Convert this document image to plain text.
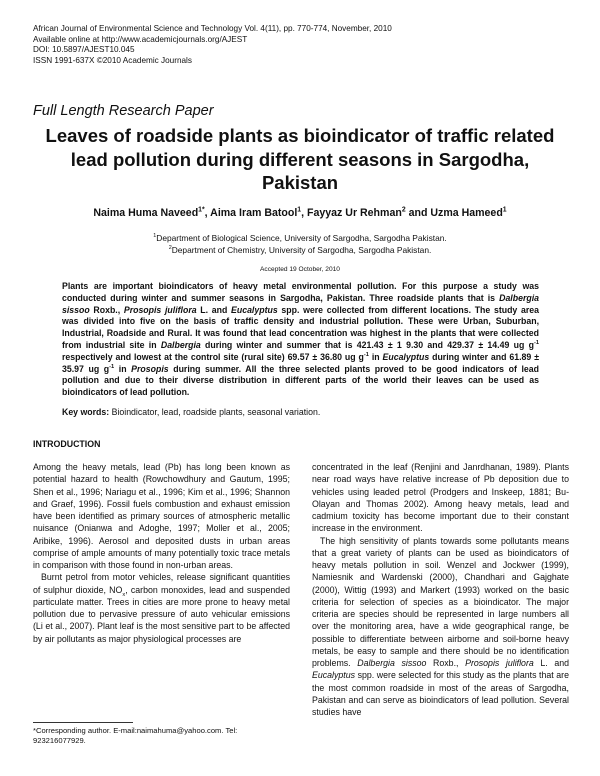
African Journal of Environmental Science and Technology Vol. 4(11), pp. 770-774, November, 2010
Available online at http://www.academicjournals.org/AJEST
DOI: 10.5897/AJEST10.045
ISSN 1991-637X ©2010 Academic Journals
Full Length Research Paper
Leaves of roadside plants as bioindicator of traffic related lead pollution during different seasons in Sargodha, Pakistan
Naima Huma Naveed$^{1*}$, Aima Iram Batool$^1$, Fayyaz Ur Rehman$^2$ and Uzma Hameed$^1$
$^1$Department of Biological Science, University of Sargodha, Sargodha Pakistan.
$^2$Department of Chemistry, University of Sargodha, Sargodha Pakistan.
Accepted 19 October, 2010
Plants are important bioindicators of heavy metal environmental pollution. For this purpose a study was conducted during winter and summer seasons in Sargodha, Pakistan. Three roadside plants that is Dalbergia sissoo Roxb., Prosopis juliflora L. and Eucalyptus spp. were collected from different locations. The study area was divided into five on the basis of traffic density and industrial pollution. These were Urban, Suburban, Industrial, Roadside and Rural. It was found that lead concentration was highest in the plants that were collected from industrial site in Dalbergia during winter and summer that is 421.43 ± 1 9.30 and 429.37 ± 14.49 ug $g^{-1}$ respectively and lowest at the control site (rural site) 69.57 ± 36.80 ug $g^{-1}$ in Eucalyptus during winter and 61.89 ± 35.97 ug $g^{-1}$ in Prosopis during summer. All the three selected plants proved to be good indicators of lead pollution and due to their diverse distribution in different parts of the world their leaves can be used as bioindicators of lead pollution.
Key words: Bioindicator, lead, roadside plants, seasonal variation.
INTRODUCTION

Among the heavy metals, lead (Pb) has long been known as potential hazard to health (Rowchowdhury and Gautum, 1995; Shen et al., 1996; Nariagu et al., 1996; Kim et al., 1996; Shannon and Graef, 1996). Fossil fuels combustion and exhaust emission have been identified as primary sources of atmospheric metallic nuisance (Onianwa and Adoghe, 1997; Moller et al., 2005; Aribike, 1996). Aerosol and deposited dusts in urban areas comprise of ample amounts of many potentially toxic trace metals in comparison with those found in non-urban areas.

Burnt petrol from motor vehicles, release significant quantities of sulphur dioxide, $NO_x$, carbon monoxides, lead and suspended particulate matter. Trees in cities are more prone to heavy metal pollution due to pervasive pressure of auto vehicular emissions (Li et al., 2007). Plant leaf is the most sensitive part to be affected by air pollutants as major physiological processes are

concentrated in the leaf (Renjini and Janrdhanan, 1989). Plants near road ways have relative increase of Pb deposition due to vehicles using leaded petrol (Prodgers and Inskeep, 1881; Bu-Olayan and Thomas 2002). Among heavy metals, lead and cadmium toxicity has become important due to their constant increase in the environment.

The high sensitivity of plants towards some pollutants means that a great variety of plants can be used as bioindicators of heavy metals pollution in soil. Wenzel and Jockwer (1999), Namiesnik and Wardenski (2000), Chandhari and Gajghate (2000), Wittig (1993) and Markert (1993) worked on the basic criteria for selection of species as a bioindicator. The major criteria are species should be represented in large numbers all over the monitoring area, have a wide geographical range, be possible to differentiate between airborne and soil-borne heavy metals, be easy to sample and there should be no identification problems. Dalbergia sissoo Roxb., Prosopis juliflora L. and Eucalyptus spp. were selected for this study as the plants that are the most common roadside in most of the areas of Sargodha, Pakistan and can serve as bioindicators of lead pollution. Several studies have

*Corresponding author. E-mail:naimahuma@yahoo.com. Tel: 923216077929.
